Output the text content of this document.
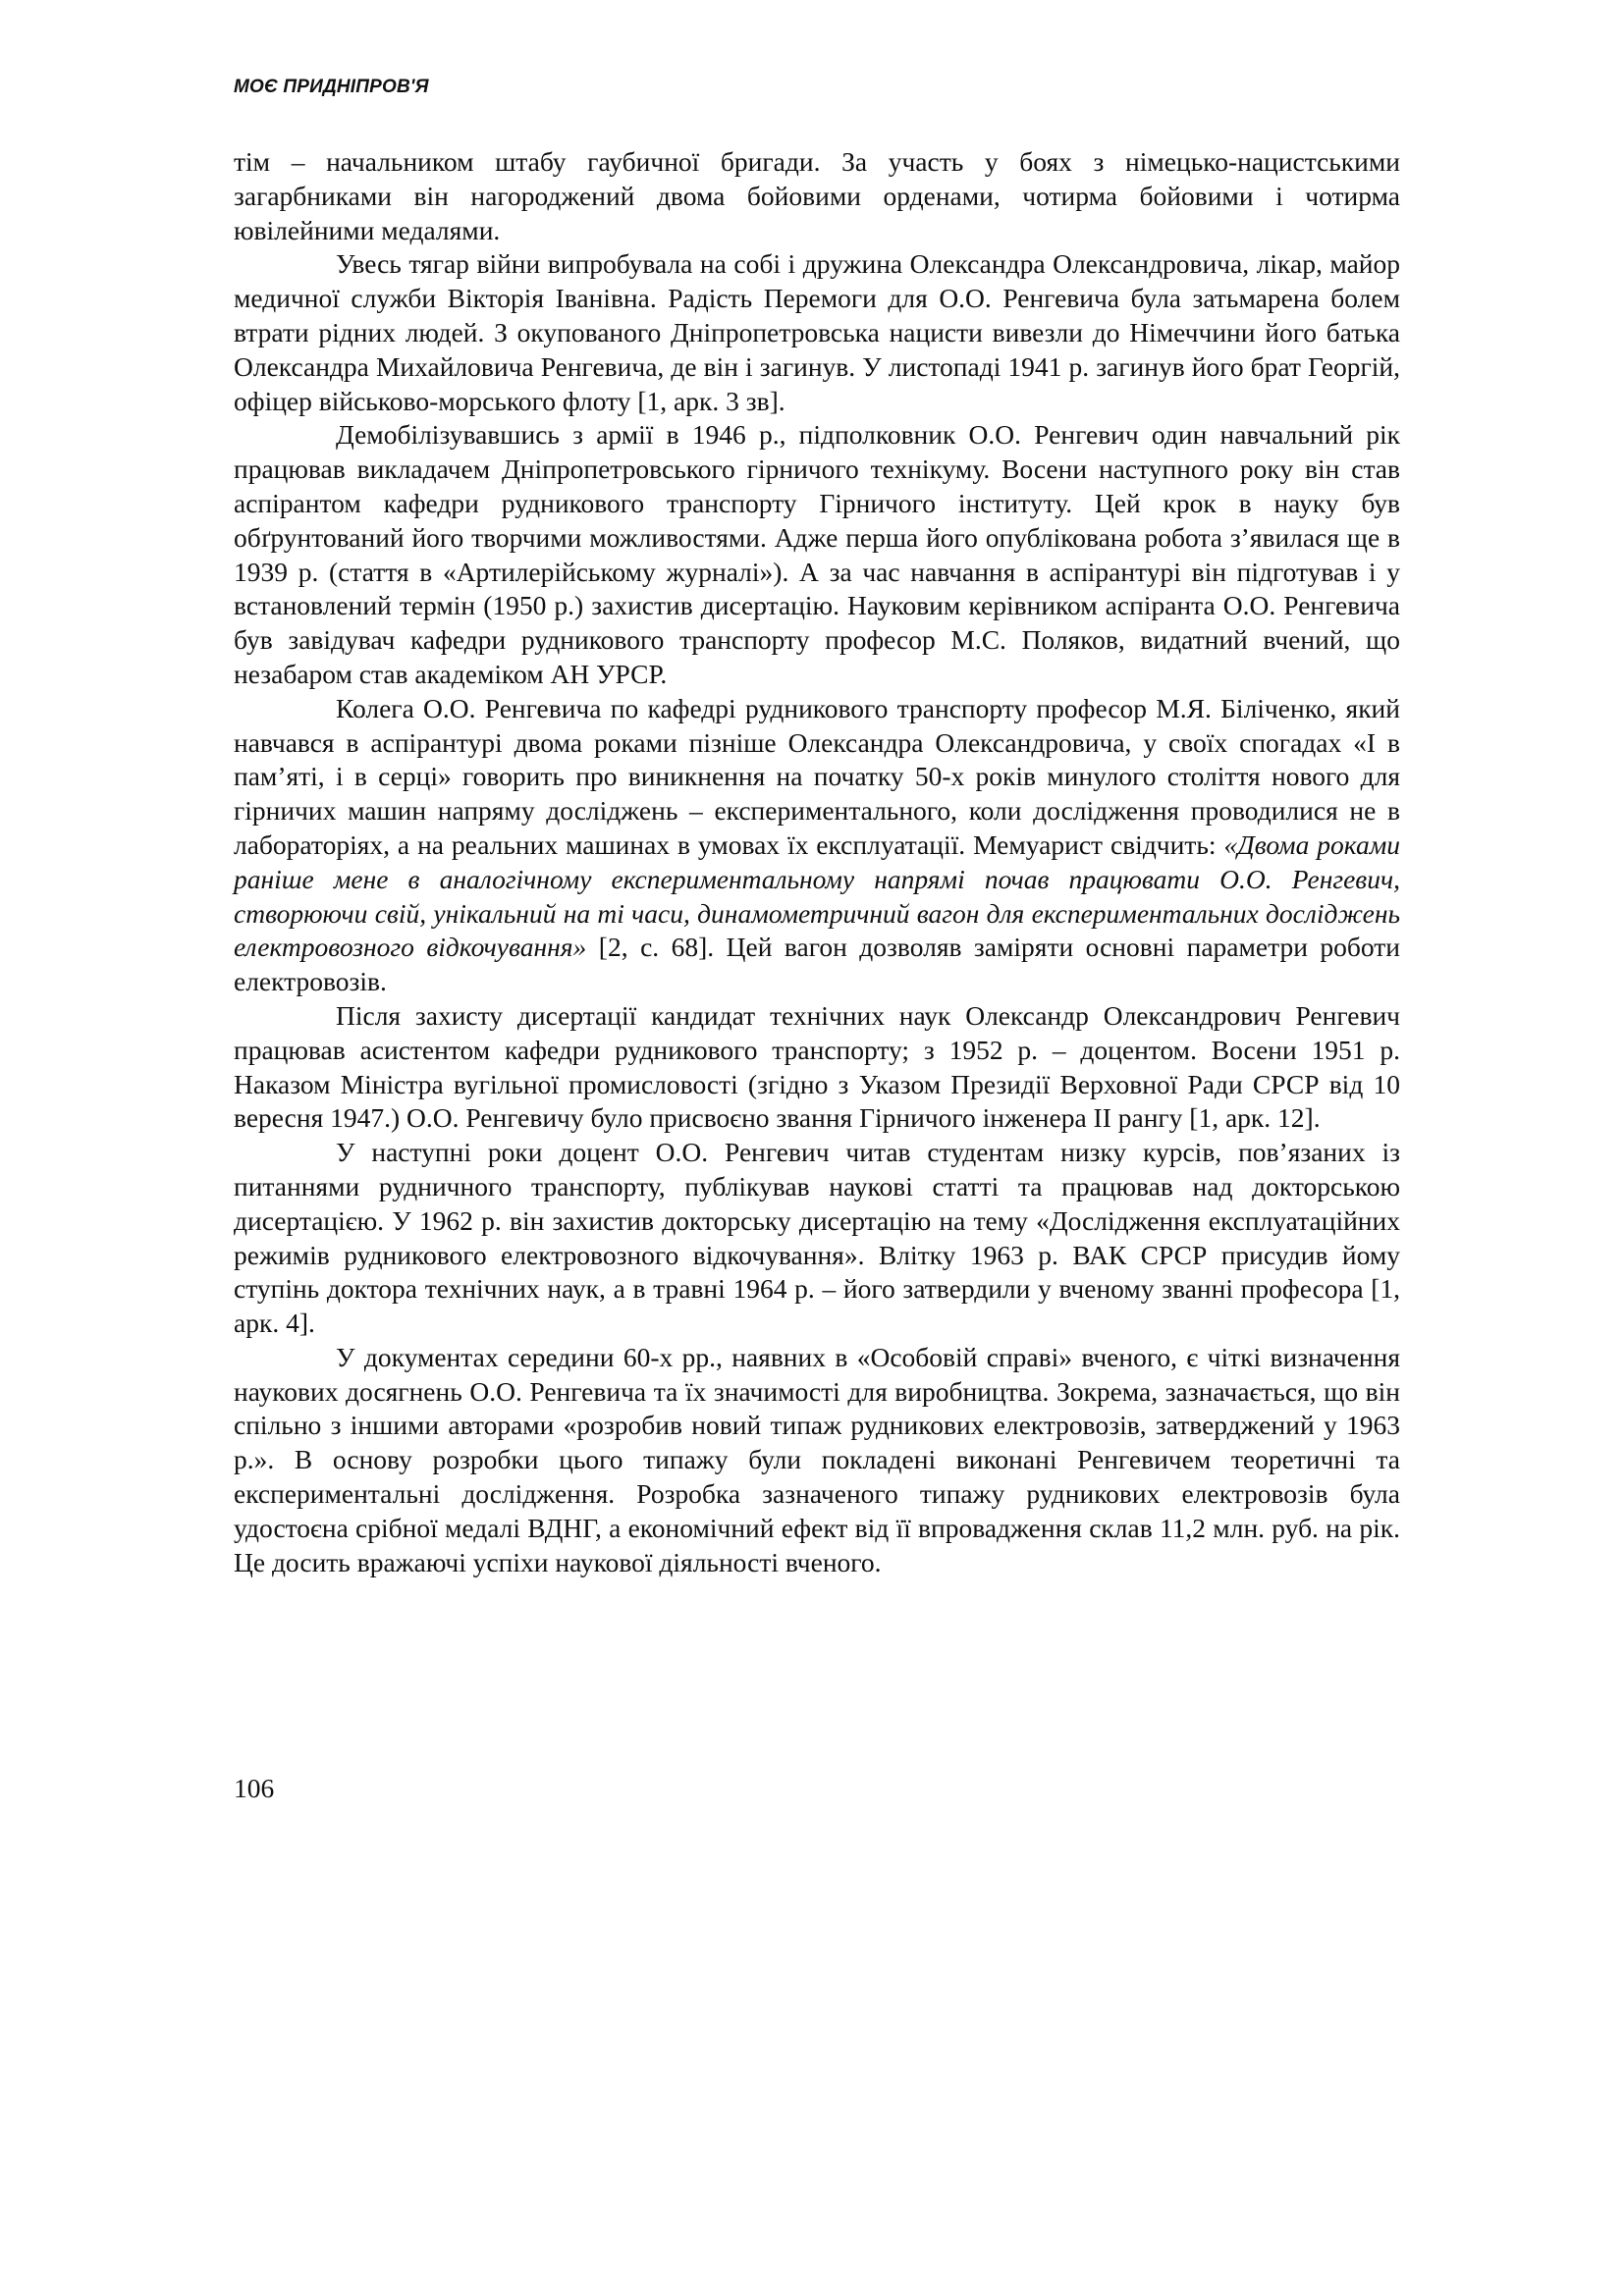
МОЄ ПРИДНІПРОВ'Я

тім – начальником штабу гаубичної бригади. За участь у боях з німецько-нацистськими загарбниками він нагороджений двома бойовими орденами, чотирма бойовими і чотирма ювілейними медалями.

Увесь тягар війни випробувала на собі і дружина Олександра Олександровича, лікар, майор медичної служби Вікторія Іванівна. Радість Перемоги для О.О. Ренгевича була затьмарена болем втрати рідних людей. З окупованого Дніпропетровська нацисти вивезли до Німеччини його батька Олександра Михайловича Ренгевича, де він і загинув. У листопаді 1941 р. загинув його брат Георгій, офіцер військово-морського флоту [1, арк. 3 зв].

Демобілізувавшись з армії в 1946 р., підполковник О.О. Ренгевич один навчальний рік працював викладачем Дніпропетровського гірничого технікуму. Восени наступного року він став аспірантом кафедри рудникового транспорту Гірничого інституту. Цей крок в науку був обґрунтований його творчими можливостями. Адже перша його опублікована робота з’явилася ще в 1939 р. (стаття в «Артилерійському журналі»). А за час навчання в аспірантурі він підготував і у встановлений термін (1950 р.) захистив дисертацію. Науковим керівником аспіранта О.О. Ренгевича був завідувач кафедри рудникового транспорту професор М.С. Поляков, видатний вчений, що незабаром став академіком АН УРСР.

Колега О.О. Ренгевича по кафедрі рудникового транспорту професор М.Я. Біліченко, який навчався в аспірантурі двома роками пізніше Олександра Олександровича, у своїх спогадах «І в пам’яті, і в серці» говорить про виникнення на початку 50-х років минулого століття нового для гірничих машин напряму досліджень – експериментального, коли дослідження проводилися не в лабораторіях, а на реальних машинах в умовах їх експлуатації. Мемуарист свідчить: «Двома роками раніше мене в аналогічному експериментальному напрямі почав працювати О.О. Ренгевич, створюючи свій, унікальний на ті часи, динамометричний вагон для експериментальних досліджень електровозного відкочування» [2, с. 68]. Цей вагон дозволяв заміряти основні параметри роботи електровозів.

Після захисту дисертації кандидат технічних наук Олександр Олександрович Ренгевич працював асистентом кафедри рудникового транспорту; з 1952 р. – доцентом. Восени 1951 р. Наказом Міністра вугільної промисловості (згідно з Указом Президії Верховної Ради СРСР від 10 вересня 1947.) О.О. Ренгевичу було присвоєно звання Гірничого інженера II рангу [1, арк. 12].

У наступні роки доцент О.О. Ренгевич читав студентам низку курсів, пов’язаних із питаннями рудничного транспорту, публікував наукові статті та працював над докторською дисертацією. У 1962 р. він захистив докторську дисертацію на тему «Дослідження експлуатаційних режимів рудникового електровозного відкочування». Влітку 1963 р. ВАК СРСР присудив йому ступінь доктора технічних наук, а в травні 1964 р. – його затвердили у вченому званні професора [1, арк. 4].

У документах середини 60-х рр., наявних в «Особовій справі» вченого, є чіткі визначення наукових досягнень О.О. Ренгевича та їх значимості для виробництва. Зокрема, зазначається, що він спільно з іншими авторами «розробив новий типаж рудникових електровозів, затверджений у 1963 р.». В основу розробки цього типажу були покладені виконані Ренгевичем теоретичні та експериментальні дослідження. Розробка зазначеного типажу рудникових електровозів була удостоєна срібної медалі ВДНГ, а економічний ефект від її впровадження склав 11,2 млн. руб. на рік. Це досить вражаючі успіхи наукової діяльності вченого.

106
